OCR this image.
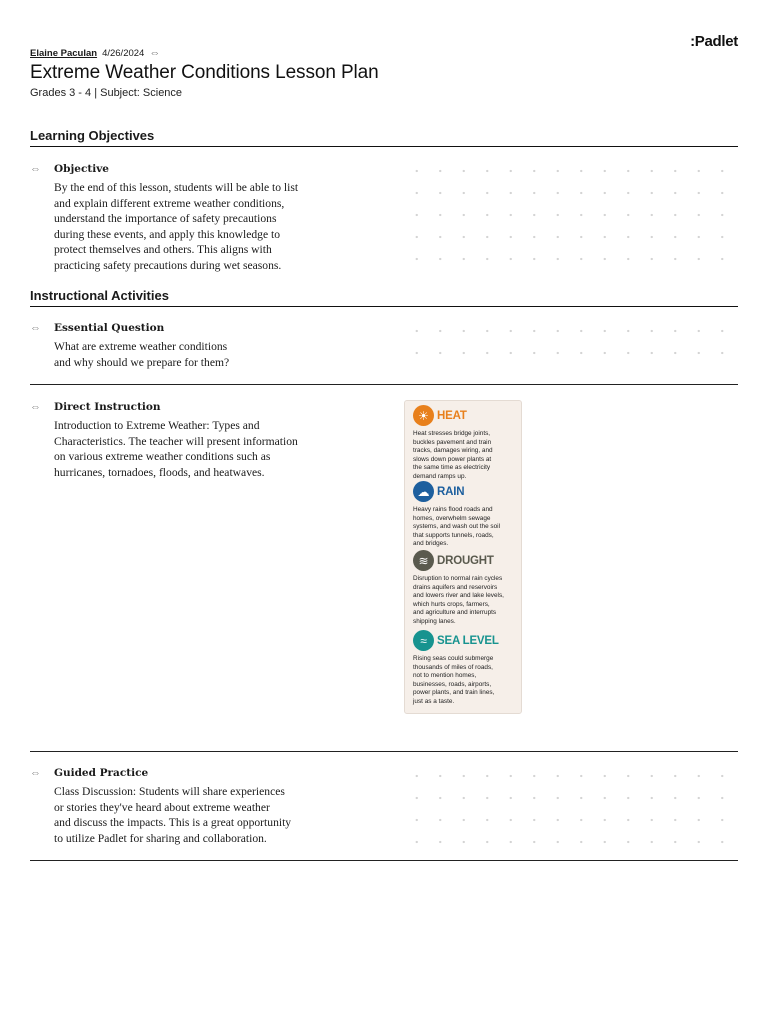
:Padlet
Elaine Paculan 4/26/2024 ⇔
Extreme Weather Conditions Lesson Plan
Grades 3 - 4 | Subject: Science
Learning Objectives
⇔ Objective
By the end of this lesson, students will be able to list
and explain different extreme weather conditions,
understand the importance of safety precautions
during these events, and apply this knowledge to
protect themselves and others. This aligns with
practicing safety precautions during wet seasons.
Instructional Activities
⇔ Essential Question
What are extreme weather conditions
and why should we prepare for them?
⇔ Direct Instruction
Introduction to Extreme Weather: Types and
Characteristics. The teacher will present information
on various extreme weather conditions such as
hurricanes, tornadoes, floods, and heatwaves.
☀ HEAT
Heat stresses bridge joints,
buckles pavement and train
tracks, damages wiring, and
slows down power plants at
the same time as electricity
demand ramps up.
☁ RAIN
Heavy rains flood roads and
homes, overwhelm sewage
systems, and wash out the soil
that supports tunnels, roads,
and bridges.
≋ DROUGHT
Disruption to normal rain cycles
drains aquifers and reservoirs
and lowers river and lake levels,
which hurts crops, farmers,
and agriculture and interrupts
shipping lanes.
≈ SEA LEVEL
Rising seas could submerge
thousands of miles of roads,
not to mention homes,
businesses, roads, airports,
power plants, and train lines,
just as a taste.
⇔ Guided Practice
Class Discussion: Students will share experiences
or stories they've heard about extreme weather
and discuss the impacts. This is a great opportunity
to utilize Padlet for sharing and collaboration.
